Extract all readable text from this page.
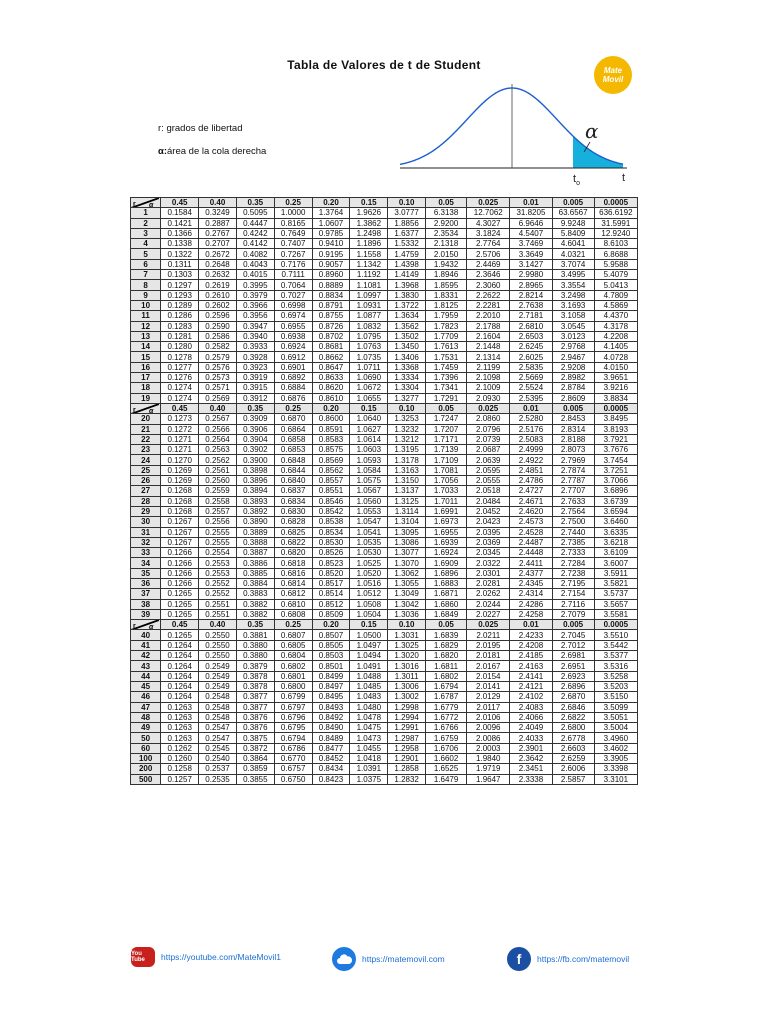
Tabla de Valores de t de Student	Mate Movil
r: grados de libertad
α:área de la cola derecha
α
$t_o$	t
r α	0.45	0.40	0.35	0.25	0.20	0.15	0.10	0.05	0.025	0.01	0.005	0.0005
1	0.1584	0.3249	0.5095	1.0000	1.3764	1.9626	3.0777	6.3138	12.7062	31.8205	63.6567	636.6192
2	0.1421	0.2887	0.4447	0.8165	1.0607	1.3862	1.8856	2.9200	4.3027	6.9646	9.9248	31.5991
3	0.1366	0.2767	0.4242	0.7649	0.9785	1.2498	1.6377	2.3534	3.1824	4.5407	5.8409	12.9240
4	0.1338	0.2707	0.4142	0.7407	0.9410	1.1896	1.5332	2.1318	2.7764	3.7469	4.6041	8.6103
5	0.1322	0.2672	0.4082	0.7267	0.9195	1.1558	1.4759	2.0150	2.5706	3.3649	4.0321	6.8688
6	0.1311	0.2648	0.4043	0.7176	0.9057	1.1342	1.4398	1.9432	2.4469	3.1427	3.7074	5.9588
7	0.1303	0.2632	0.4015	0.7111	0.8960	1.1192	1.4149	1.8946	2.3646	2.9980	3.4995	5.4079
8	0.1297	0.2619	0.3995	0.7064	0.8889	1.1081	1.3968	1.8595	2.3060	2.8965	3.3554	5.0413
9	0.1293	0.2610	0.3979	0.7027	0.8834	1.0997	1.3830	1.8331	2.2622	2.8214	3.2498	4.7809
10	0.1289	0.2602	0.3966	0.6998	0.8791	1.0931	1.3722	1.8125	2.2281	2.7638	3.1693	4.5869
11	0.1286	0.2596	0.3956	0.6974	0.8755	1.0877	1.3634	1.7959	2.2010	2.7181	3.1058	4.4370
12	0.1283	0.2590	0.3947	0.6955	0.8726	1.0832	1.3562	1.7823	2.1788	2.6810	3.0545	4.3178
13	0.1281	0.2586	0.3940	0.6938	0.8702	1.0795	1.3502	1.7709	2.1604	2.6503	3.0123	4.2208
14	0.1280	0.2582	0.3933	0.6924	0.8681	1.0763	1.3450	1.7613	2.1448	2.6245	2.9768	4.1405
15	0.1278	0.2579	0.3928	0.6912	0.8662	1.0735	1.3406	1.7531	2.1314	2.6025	2.9467	4.0728
16	0.1277	0.2576	0.3923	0.6901	0.8647	1.0711	1.3368	1.7459	2.1199	2.5835	2.9208	4.0150
17	0.1276	0.2573	0.3919	0.6892	0.8633	1.0690	1.3334	1.7396	2.1098	2.5669	2.8982	3.9651
18	0.1274	0.2571	0.3915	0.6884	0.8620	1.0672	1.3304	1.7341	2.1009	2.5524	2.8784	3.9216
19	0.1274	0.2569	0.3912	0.6876	0.8610	1.0655	1.3277	1.7291	2.0930	2.5395	2.8609	3.8834

r α	0.45	0.40	0.35	0.25	0.20	0.15	0.10	0.05	0.025	0.01	0.005	0.0005
20	0.1273	0.2567	0.3909	0.6870	0.8600	1.0640	1.3253	1.7247	2.0860	2.5280	2.8453	3.8495
21	0.1272	0.2566	0.3906	0.6864	0.8591	1.0627	1.3232	1.7207	2.0796	2.5176	2.8314	3.8193
22	0.1271	0.2564	0.3904	0.6858	0.8583	1.0614	1.3212	1.7171	2.0739	2.5083	2.8188	3.7921
23	0.1271	0.2563	0.3902	0.6853	0.8575	1.0603	1.3195	1.7139	2.0687	2.4999	2.8073	3.7676
24	0.1270	0.2562	0.3900	0.6848	0.8569	1.0593	1.3178	1.7109	2.0639	2.4922	2.7969	3.7454
25	0.1269	0.2561	0.3898	0.6844	0.8562	1.0584	1.3163	1.7081	2.0595	2.4851	2.7874	3.7251
26	0.1269	0.2560	0.3896	0.6840	0.8557	1.0575	1.3150	1.7056	2.0555	2.4786	2.7787	3.7066
27	0.1268	0.2559	0.3894	0.6837	0.8551	1.0567	1.3137	1.7033	2.0518	2.4727	2.7707	3.6896
28	0.1268	0.2558	0.3893	0.6834	0.8546	1.0560	1.3125	1.7011	2.0484	2.4671	2.7633	3.6739
29	0.1268	0.2557	0.3892	0.6830	0.8542	1.0553	1.3114	1.6991	2.0452	2.4620	2.7564	3.6594
30	0.1267	0.2556	0.3890	0.6828	0.8538	1.0547	1.3104	1.6973	2.0423	2.4573	2.7500	3.6460
31	0.1267	0.2555	0.3889	0.6825	0.8534	1.0541	1.3095	1.6955	2.0395	2.4528	2.7440	3.6335
32	0.1267	0.2555	0.3888	0.6822	0.8530	1.0535	1.3086	1.6939	2.0369	2.4487	2.7385	3.6218
33	0.1266	0.2554	0.3887	0.6820	0.8526	1.0530	1.3077	1.6924	2.0345	2.4448	2.7333	3.6109
34	0.1266	0.2553	0.3886	0.6818	0.8523	1.0525	1.3070	1.6909	2.0322	2.4411	2.7284	3.6007
35	0.1266	0.2553	0.3885	0.6816	0.8520	1.0520	1.3062	1.6896	2.0301	2.4377	2.7238	3.5911
36	0.1266	0.2552	0.3884	0.6814	0.8517	1.0516	1.3055	1.6883	2.0281	2.4345	2.7195	3.5821
37	0.1265	0.2552	0.3883	0.6812	0.8514	1.0512	1.3049	1.6871	2.0262	2.4314	2.7154	3.5737
38	0.1265	0.2551	0.3882	0.6810	0.8512	1.0508	1.3042	1.6860	2.0244	2.4286	2.7116	3.5657
39	0.1265	0.2551	0.3882	0.6808	0.8509	1.0504	1.3036	1.6849	2.0227	2.4258	2.7079	3.5581

r α	0.45	0.40	0.35	0.25	0.20	0.15	0.10	0.05	0.025	0.01	0.005	0.0005
40	0.1265	0.2550	0.3881	0.6807	0.8507	1.0500	1.3031	1.6839	2.0211	2.4233	2.7045	3.5510
41	0.1264	0.2550	0.3880	0.6805	0.8505	1.0497	1.3025	1.6829	2.0195	2.4208	2.7012	3.5442
42	0.1264	0.2550	0.3880	0.6804	0.8503	1.0494	1.3020	1.6820	2.0181	2.4185	2.6981	3.5377
43	0.1264	0.2549	0.3879	0.6802	0.8501	1.0491	1.3016	1.6811	2.0167	2.4163	2.6951	3.5316
44	0.1264	0.2549	0.3878	0.6801	0.8499	1.0488	1.3011	1.6802	2.0154	2.4141	2.6923	3.5258
45	0.1264	0.2549	0.3878	0.6800	0.8497	1.0485	1.3006	1.6794	2.0141	2.4121	2.6896	3.5203
46	0.1264	0.2548	0.3877	0.6799	0.8495	1.0483	1.3002	1.6787	2.0129	2.4102	2.6870	3.5150
47	0.1263	0.2548	0.3877	0.6797	0.8493	1.0480	1.2998	1.6779	2.0117	2.4083	2.6846	3.5099
48	0.1263	0.2548	0.3876	0.6796	0.8492	1.0478	1.2994	1.6772	2.0106	2.4066	2.6822	3.5051
49	0.1263	0.2547	0.3876	0.6795	0.8490	1.0475	1.2991	1.6766	2.0096	2.4049	2.6800	3.5004
50	0.1263	0.2547	0.3875	0.6794	0.8489	1.0473	1.2987	1.6759	2.0086	2.4033	2.6778	3.4960
60	0.1262	0.2545	0.3872	0.6786	0.8477	1.0455	1.2958	1.6706	2.0003	2.3901	2.6603	3.4602
100	0.1260	0.2540	0.3864	0.6770	0.8452	1.0418	1.2901	1.6602	1.9840	2.3642	2.6259	3.3905
200	0.1258	0.2537	0.3859	0.6757	0.8434	1.0391	1.2858	1.6525	1.9719	2.3451	2.6006	3.3398
500	0.1257	0.2535	0.3855	0.6750	0.8423	1.0375	1.2832	1.6479	1.9647	2.3338	2.5857	3.3101
You Tube	https://youtube.com/MateMovil1	https://matemovil.com	f	https://fb.com/matemovil
